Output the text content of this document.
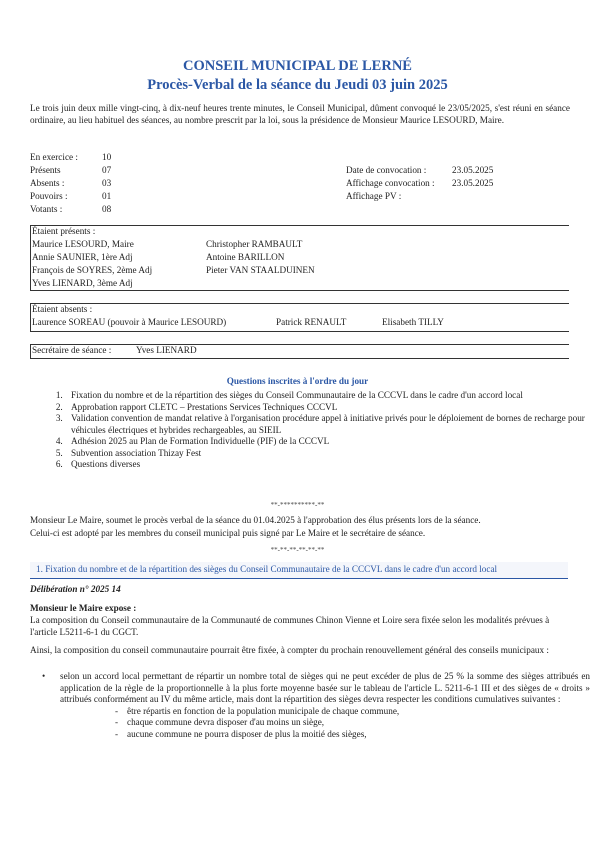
CONSEIL MUNICIPAL DE LERNÉ
Procès-Verbal de la séance du Jeudi 03 juin 2025
Le trois juin deux mille vingt-cinq, à dix-neuf heures trente minutes, le Conseil Municipal, dûment convoqué le 23/05/2025, s'est réuni en séance ordinaire, au lieu habituel des séances, au nombre prescrit par la loi, sous la présidence de Monsieur Maurice LESOURD, Maire.
En exercice :	10
Présents	07
Absents :	03
Pouvoirs :	01
Votants :	08
Date de convocation :	23.05.2025
Affichage convocation :	23.05.2025
Affichage PV :
Étaient présents :
Maurice LESOURD, Maire	Christopher RAMBAULT
Annie SAUNIER, 1ère Adj	Antoine BARILLON
François de SOYRES, 2ème Adj	Pieter VAN STAALDUINEN
Yves LIENARD, 3ème Adj
Étaient absents :
Laurence SOREAU (pouvoir à Maurice LESOURD)	Patrick RENAULT	Elisabeth TILLY
Secrétaire de séance :	Yves LIENARD
Questions inscrites à l'ordre du jour
1. Fixation du nombre et de la répartition des sièges du Conseil Communautaire de la CCCVL dans le cadre d'un accord local
2. Approbation rapport CLETC – Prestations Services Techniques CCCVL
3. Validation convention de mandat relative à l'organisation procédure appel à initiative privés pour le déploiement de bornes de recharge pour véhicules électriques et hybrides rechargeables, au SIEIL
4. Adhésion 2025 au Plan de Formation Individuelle (PIF) de la CCCVL
5. Subvention association Thizay Fest
6. Questions diverses
**-**********-**
Monsieur Le Maire, soumet le procès verbal de la séance du 01.04.2025 à l'approbation des élus présents lors de la séance.
Celui-ci est adopté par les membres du conseil municipal puis signé par Le Maire et le secrétaire de séance.
**-**-**-**-**-**
1. Fixation du nombre et de la répartition des sièges du Conseil Communautaire de la CCCVL dans le cadre d'un accord local
Délibération n° 2025 14
Monsieur le Maire expose :
La composition du Conseil communautaire de la Communauté de communes Chinon Vienne et Loire sera fixée selon les modalités prévues à l'article L5211-6-1 du CGCT.
Ainsi, la composition du conseil communautaire pourrait être fixée, à compter du prochain renouvellement général des conseils municipaux :
• selon un accord local permettant de répartir un nombre total de sièges qui ne peut excéder de plus de 25 % la somme des sièges attribués en application de la règle de la proportionnelle à la plus forte moyenne basée sur le tableau de l'article L. 5211-6-1 III et des sièges de « droits » attribués conformément au IV du même article, mais dont la répartition des sièges devra respecter les conditions cumulatives suivantes :
- être répartis en fonction de la population municipale de chaque commune,
- chaque commune devra disposer d'au moins un siège,
- aucune commune ne pourra disposer de plus la moitié des sièges,
